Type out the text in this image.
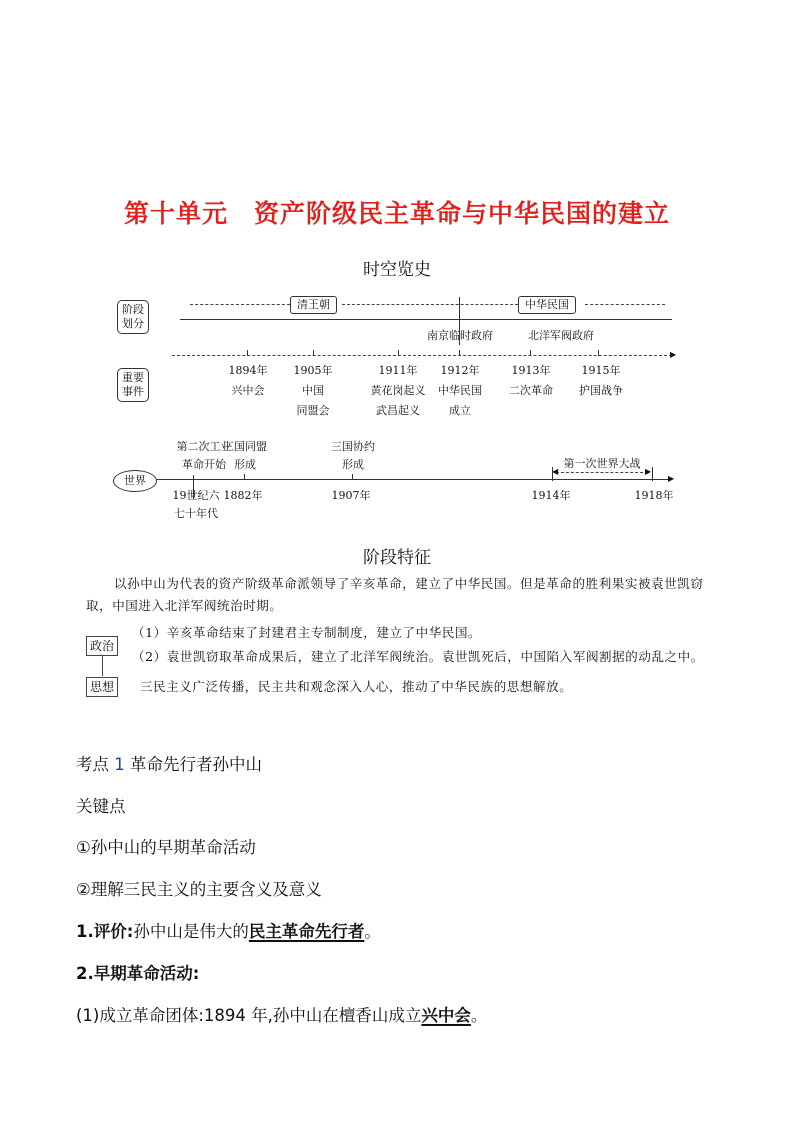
第十单元　资产阶级民主革命与中华民国的建立
时空览史
阶段
划分
清王朝	中华民国
南京临时政府	北洋军阀政府
重要
事件
▶
1894年
兴中会
1905年
中国
同盟会
1911年
黄花岗起义
武昌起义
1912年
中华民国
成立
1913年
二次革命
1915年
护国战争
世界	▶
第二次工业
革命开始
三国同盟
形成
三国协约
形成	第一次世界大战
◀	▶
19世纪六
七十年代
1882年	1907年	1914年	1918年
阶段特征
以孙中山为代表的资产阶级革命派领导了辛亥革命，建立了中华民国。但是革命的胜利果实被袁世凯窃取，中国进入北洋军阀统治时期。
政治
思想
（1）辛亥革命结束了封建君主专制制度，建立了中华民国。
（2）袁世凯窃取革命成果后，建立了北洋军阀统治。袁世凯死后，中国陷入军阀割据的动乱之中。
三民主义广泛传播，民主共和观念深入人心，推动了中华民族的思想解放。
考点 1 革命先行者孙中山
关键点
①孙中山的早期革命活动
②理解三民主义的主要含义及意义
1.评价:孙中山是伟大的民主革命先行者。
2.早期革命活动:
(1)成立革命团体:1894 年,孙中山在檀香山成立兴中会。
